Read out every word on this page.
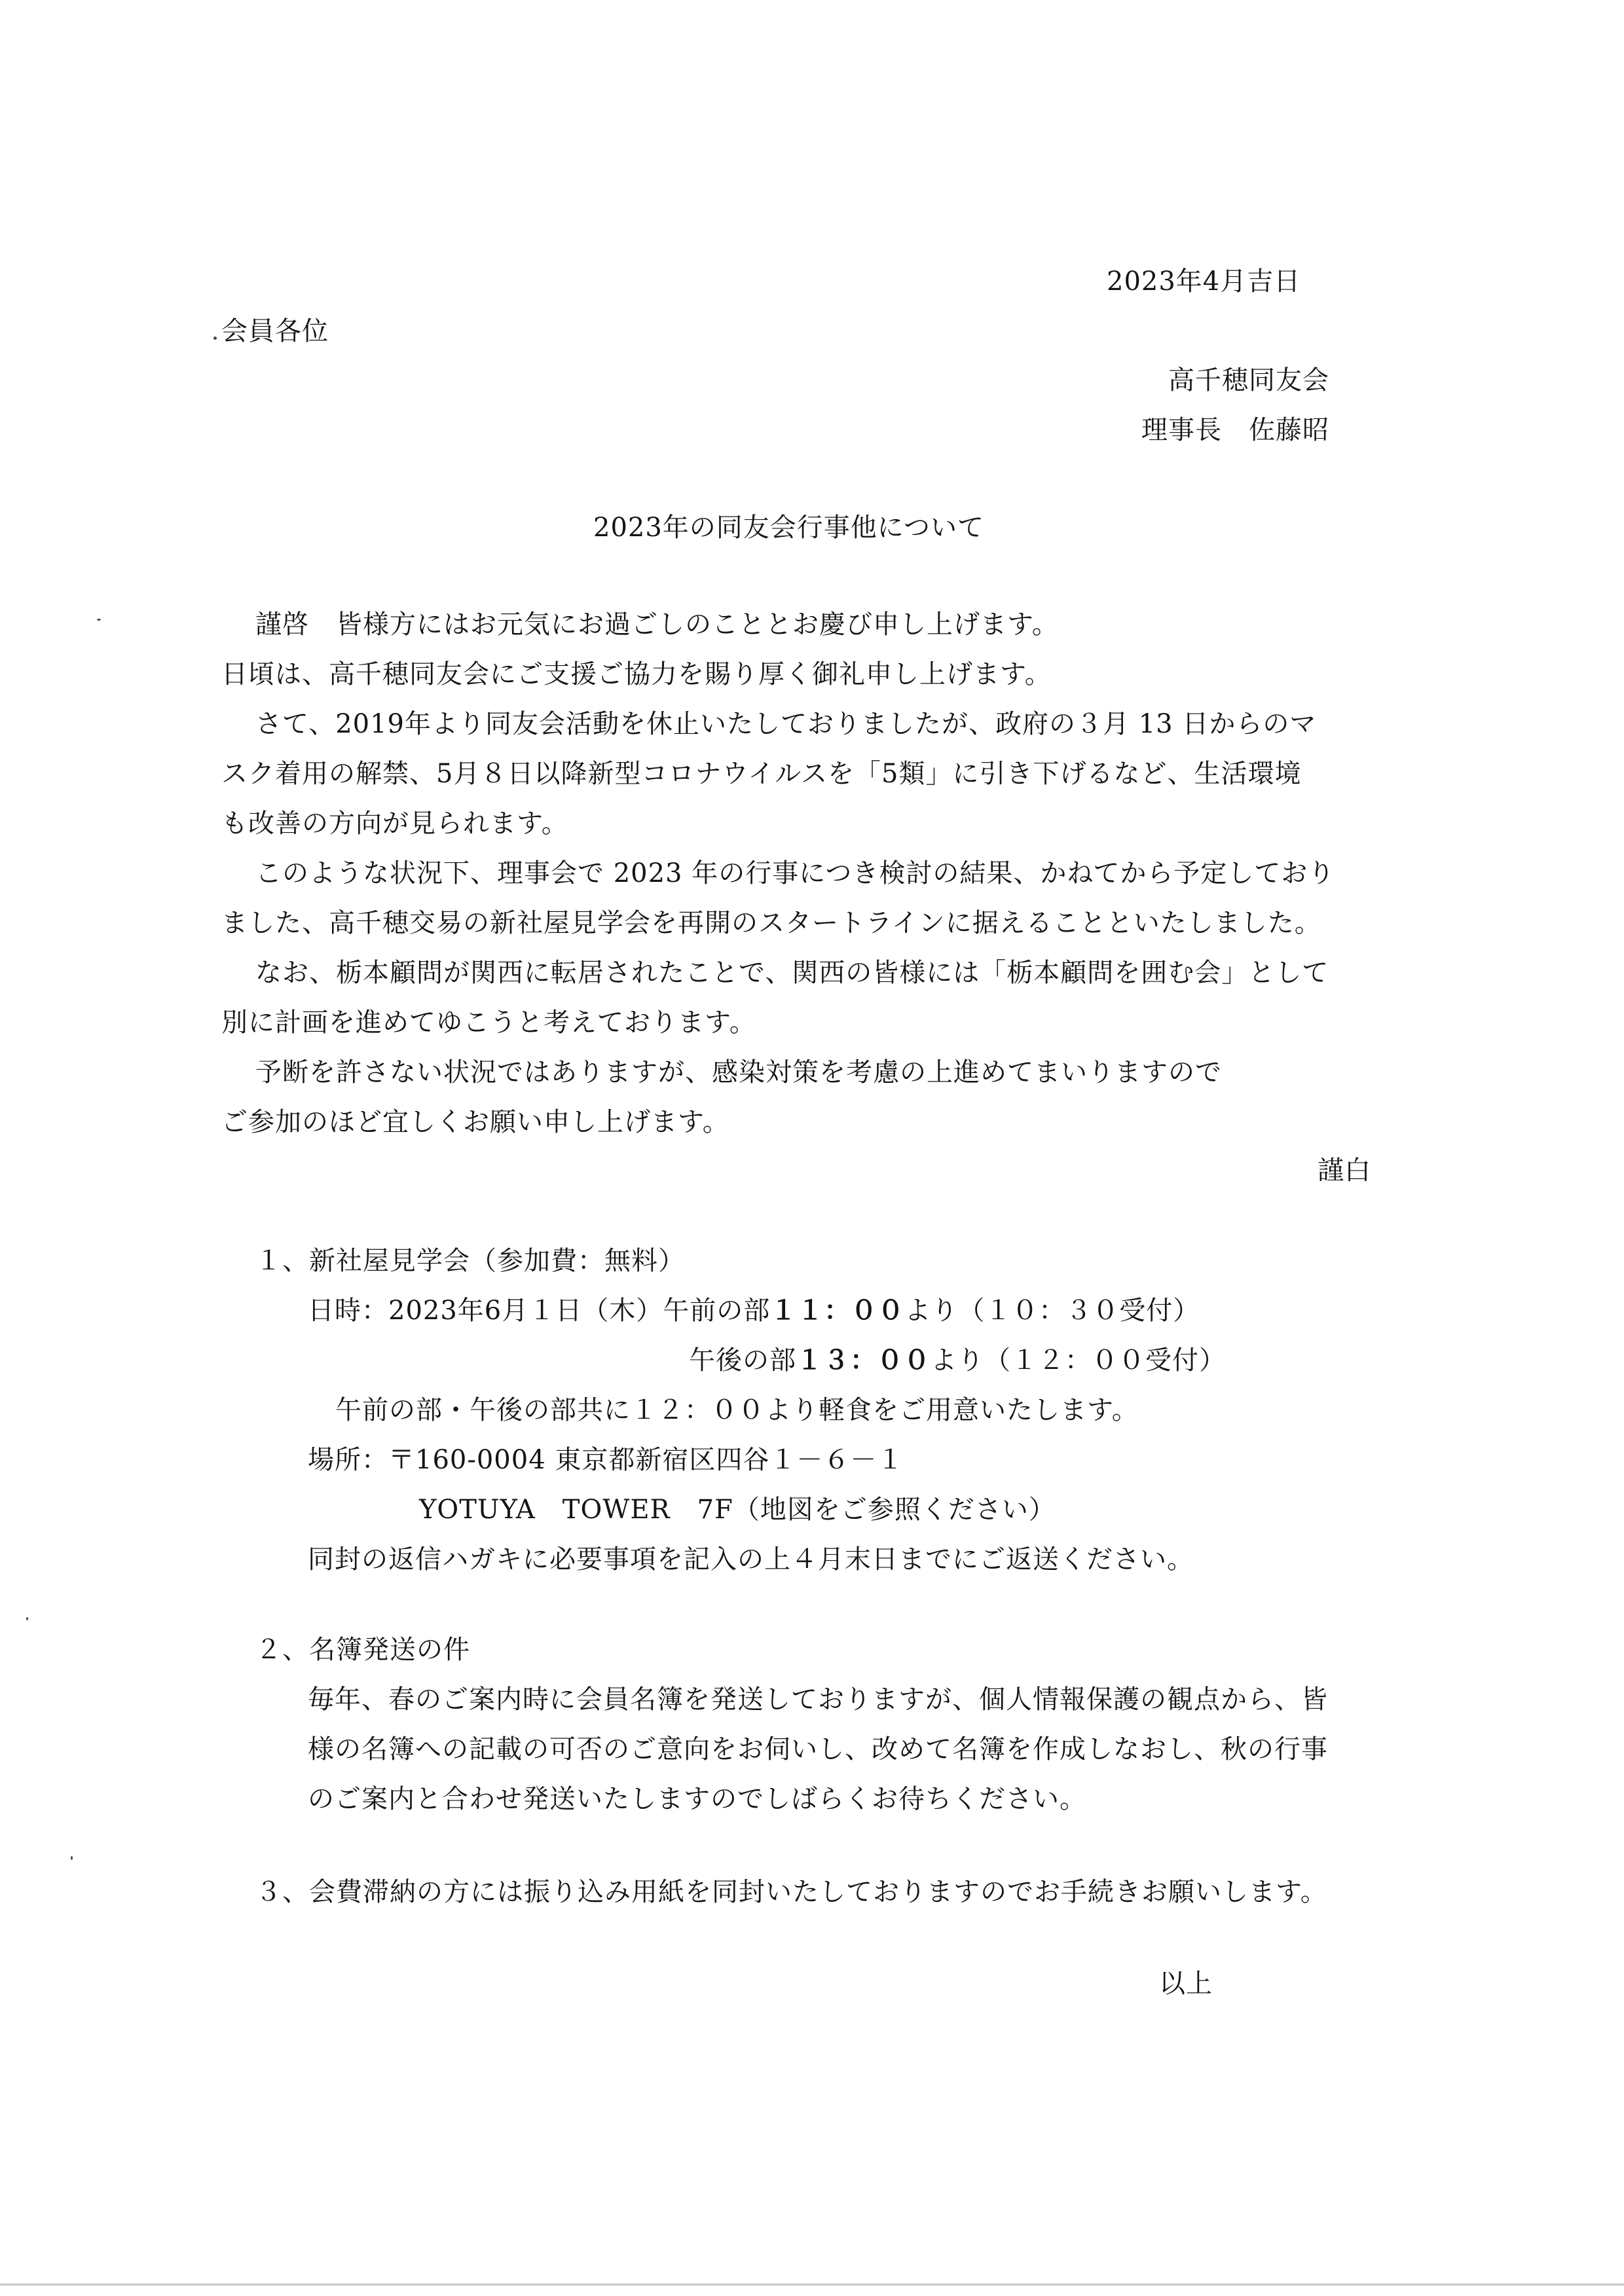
2023年4月吉日
会員各位
高千穂同友会
理事長　佐藤昭
2023年の同友会行事他について
謹啓　皆様方にはお元気にお過ごしのこととお慶び申し上げます。
日頃は、高千穂同友会にご支援ご協力を賜り厚く御礼申し上げます。
さて、2019年より同友会活動を休止いたしておりましたが、政府の３月 13 日からのマ
スク着用の解禁、5月８日以降新型コロナウイルスを「5類」に引き下げるなど、生活環境
も改善の方向が見られます。
このような状況下、理事会で 2023 年の行事につき検討の結果、かねてから予定しており
ました、高千穂交易の新社屋見学会を再開のスタートラインに据えることといたしました。
なお、栃本顧問が関西に転居されたことで、関西の皆様には「栃本顧問を囲む会」として
別に計画を進めてゆこうと考えております。
予断を許さない状況ではありますが、感染対策を考慮の上進めてまいりますので
ご参加のほど宜しくお願い申し上げます。
謹白
１、新社屋見学会（参加費：無料）
日時：2023年6月１日（木）午前の部１１：００より（１０：３０受付）
午後の部１３：００より（１２：００受付）
午前の部・午後の部共に１２：００より軽食をご用意いたします。
場所：〒160-0004 東京都新宿区四谷１－６－１
YOTUYA　TOWER　7F（地図をご参照ください）
同封の返信ハガキに必要事項を記入の上４月末日までにご返送ください。
２、名簿発送の件
毎年、春のご案内時に会員名簿を発送しておりますが、個人情報保護の観点から、皆
様の名簿への記載の可否のご意向をお伺いし、改めて名簿を作成しなおし、秋の行事
のご案内と合わせ発送いたしますのでしばらくお待ちください。
３、会費滞納の方には振り込み用紙を同封いたしておりますのでお手続きお願いします。
以上
